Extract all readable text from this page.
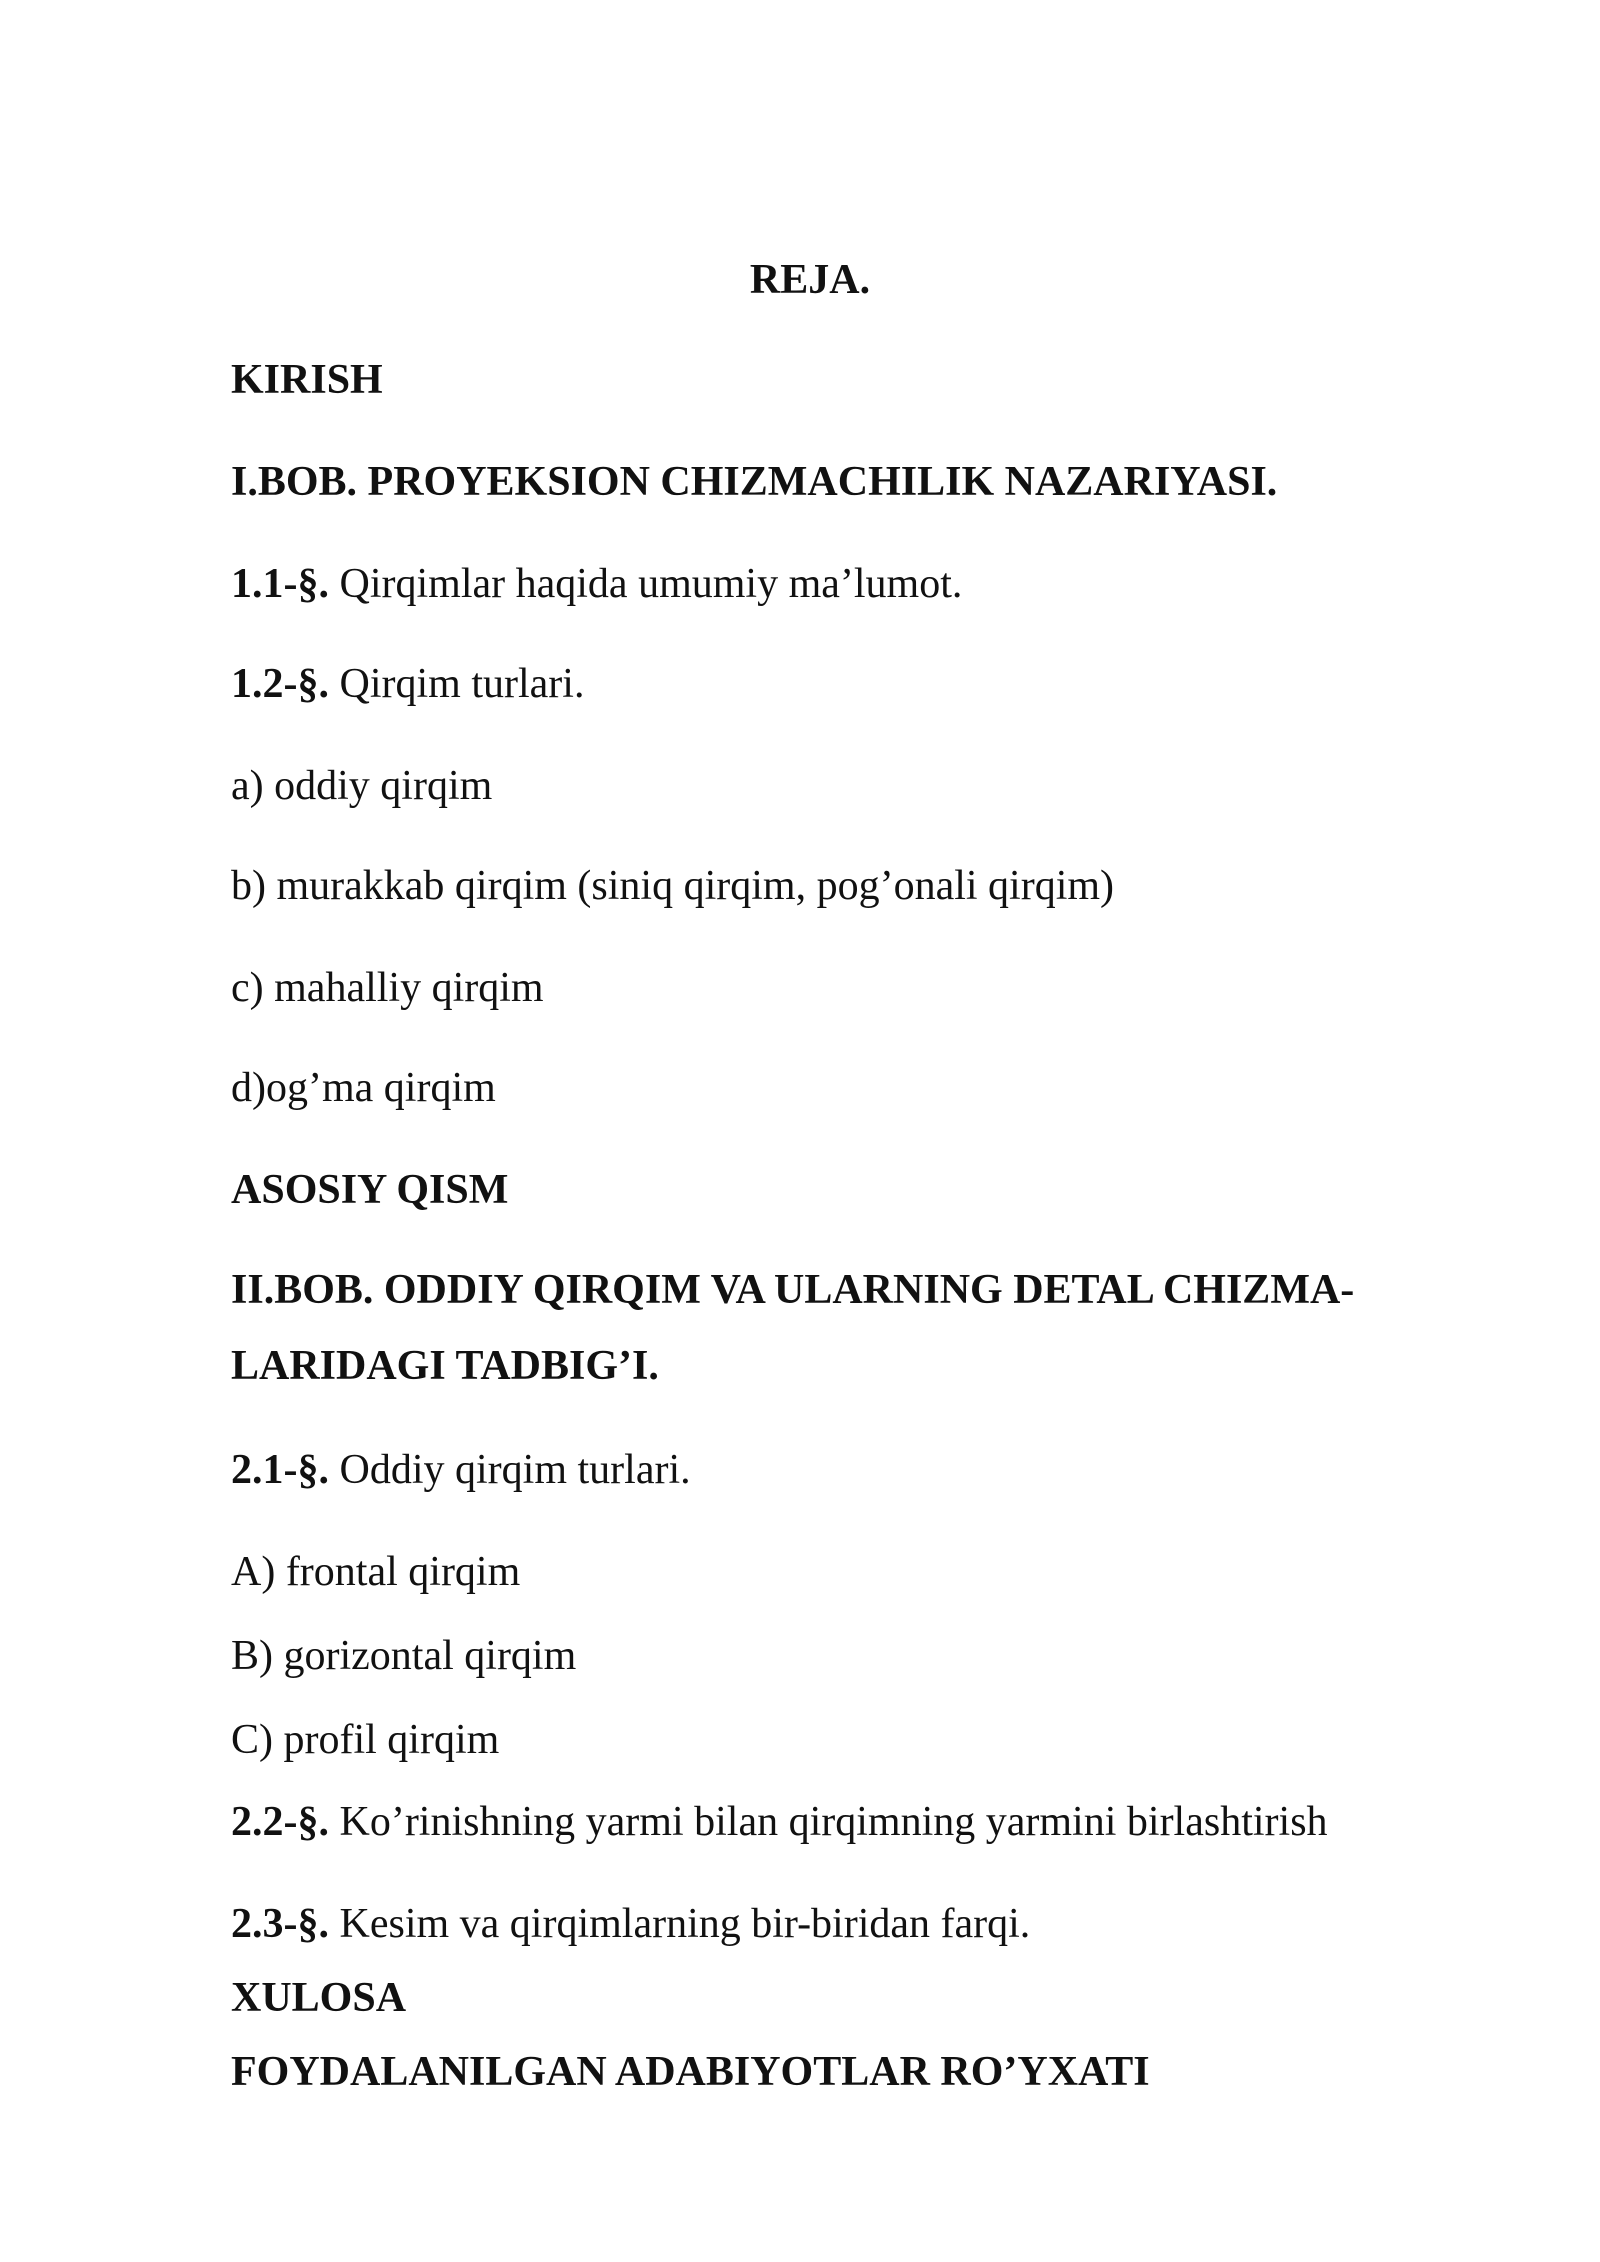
REJA.
KIRISH
I.BOB. PROYEKSION CHIZMACHILIK NAZARIYASI.
1.1-§. Qirqimlar haqida umumiy ma’lumot.
1.2-§. Qirqim turlari.
a) oddiy qirqim
b) murakkab qirqim (siniq qirqim, pog’onali qirqim)
c) mahalliy qirqim
d)og’ma qirqim
ASOSIY QISM
II.BOB. ODDIY QIRQIM VA ULARNING DETAL CHIZMA-
LARIDAGI TADBIG’I.
2.1-§. Oddiy qirqim turlari.
A) frontal qirqim
B) gorizontal qirqim
C) profil qirqim
2.2-§. Ko’rinishning yarmi bilan qirqimning yarmini birlashtirish
2.3-§. Kesim va qirqimlarning bir-biridan farqi.
XULOSA
FOYDALANILGAN ADABIYOTLAR RO’YXATI
